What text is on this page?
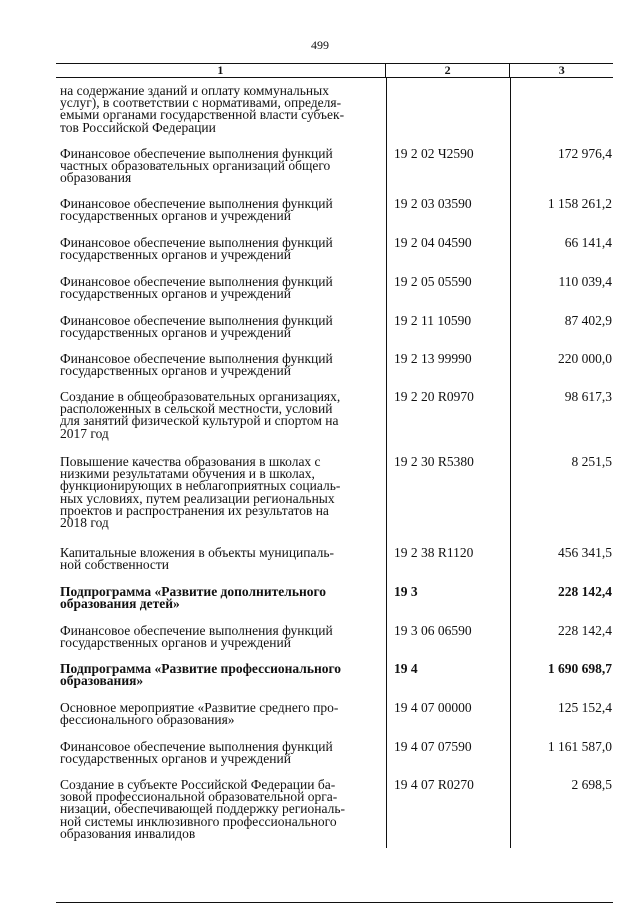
499
1	2	3
на содержание зданий и оплату коммунальных
услуг), в соответствии с нормативами, определя-
емыми органами государственной власти субъек-
тов Российской Федерации
Финансовое обеспечение выполнения функций
частных образовательных организаций общего
образования
19 2 02 Ч2590	172 976,4
Финансовое обеспечение выполнения функций
государственных органов и учреждений
19 2 03 03590	1 158 261,2
Финансовое обеспечение выполнения функций
государственных органов и учреждений
19 2 04 04590	66 141,4
Финансовое обеспечение выполнения функций
государственных органов и учреждений
19 2 05 05590	110 039,4
Финансовое обеспечение выполнения функций
государственных органов и учреждений
19 2 11 10590	87 402,9
Финансовое обеспечение выполнения функций
государственных органов и учреждений
19 2 13 99990	220 000,0
Создание в общеобразовательных организациях,
расположенных в сельской местности, условий
для занятий физической культурой и спортом на
2017 год
19 2 20 R0970	98 617,3
Повышение качества образования в школах с
низкими результатами обучения и в школах,
функционирующих в неблагоприятных социаль-
ных условиях, путем реализации региональных
проектов и распространения их результатов на
2018 год
19 2 30 R5380	8 251,5
Капитальные вложения в объекты муниципаль-
ной собственности
19 2 38 R1120	456 341,5
Подпрограмма «Развитие дополнительного
образования детей»
19 3	228 142,4
Финансовое обеспечение выполнения функций
государственных органов и учреждений
19 3 06 06590	228 142,4
Подпрограмма «Развитие профессионального
образования»
19 4	1 690 698,7
Основное мероприятие «Развитие среднего про-
фессионального образования»
19 4 07 00000	125 152,4
Финансовое обеспечение выполнения функций
государственных органов и учреждений
19 4 07 07590	1 161 587,0
Создание в субъекте Российской Федерации ба-
зовой профессиональной образовательной орга-
низации, обеспечивающей поддержку региональ-
ной системы инклюзивного профессионального
образования инвалидов
19 4 07 R0270	2 698,5
